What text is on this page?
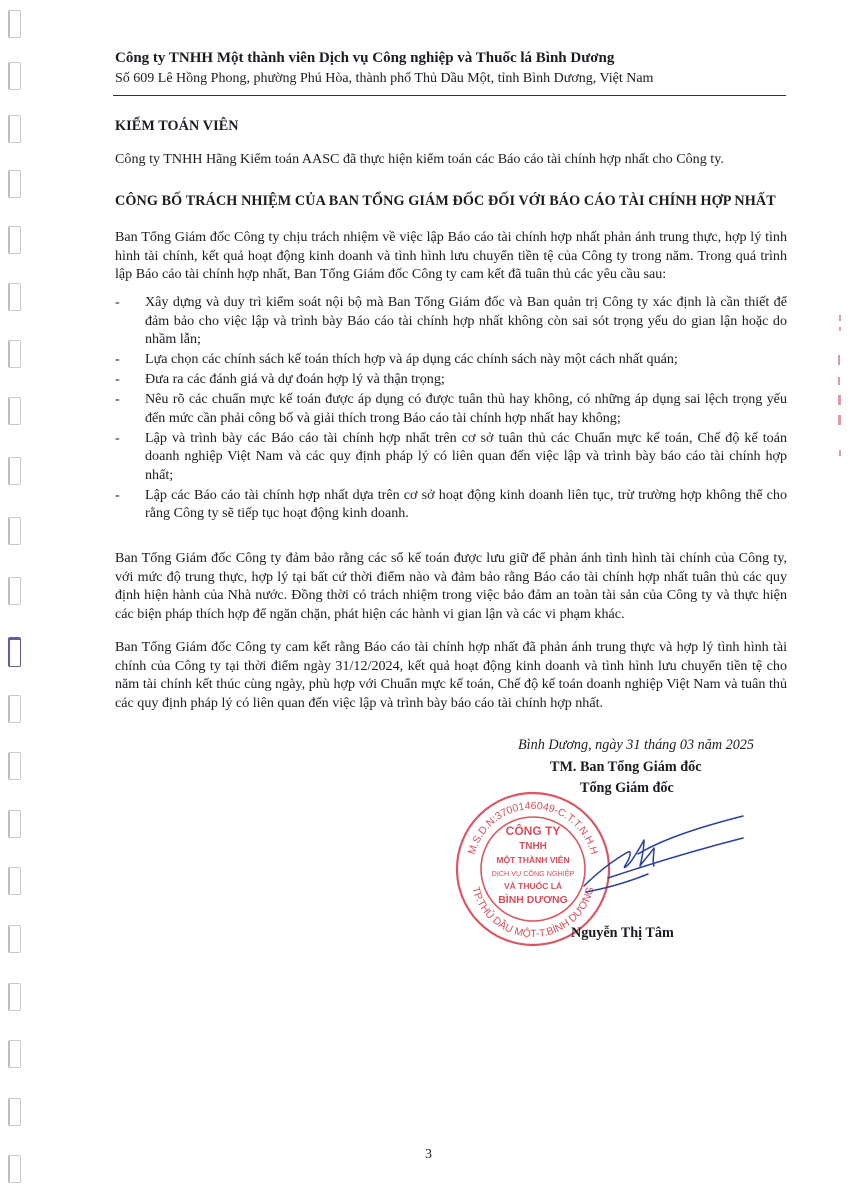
Công ty TNHH Một thành viên Dịch vụ Công nghiệp và Thuốc lá Bình Dương
Số 609 Lê Hồng Phong, phường Phú Hòa, thành phố Thủ Dầu Một, tỉnh Bình Dương, Việt Nam
KIỂM TOÁN VIÊN

Công ty TNHH Hãng Kiểm toán AASC đã thực hiện kiểm toán các Báo cáo tài chính hợp nhất cho Công ty.

CÔNG BỐ TRÁCH NHIỆM CỦA BAN TỔNG GIÁM ĐỐC ĐỐI VỚI BÁO CÁO TÀI CHÍNH HỢP NHẤT

Ban Tổng Giám đốc Công ty chịu trách nhiệm về việc lập Báo cáo tài chính hợp nhất phản ánh trung thực, hợp lý tình hình tài chính, kết quả hoạt động kinh doanh và tình hình lưu chuyển tiền tệ của Công ty trong năm. Trong quá trình lập Báo cáo tài chính hợp nhất, Ban Tổng Giám đốc Công ty cam kết đã tuân thủ các yêu cầu sau:

- Xây dựng và duy trì kiểm soát nội bộ mà Ban Tổng Giám đốc và Ban quản trị Công ty xác định là cần thiết để đảm bảo cho việc lập và trình bày Báo cáo tài chính hợp nhất không còn sai sót trọng yếu do gian lận hoặc do nhầm lẫn;
- Lựa chọn các chính sách kế toán thích hợp và áp dụng các chính sách này một cách nhất quán;
- Đưa ra các đánh giá và dự đoán hợp lý và thận trọng;
- Nêu rõ các chuẩn mực kế toán được áp dụng có được tuân thủ hay không, có những áp dụng sai lệch trọng yếu đến mức cần phải công bố và giải thích trong Báo cáo tài chính hợp nhất hay không;
- Lập và trình bày các Báo cáo tài chính hợp nhất trên cơ sở tuân thủ các Chuẩn mực kế toán, Chế độ kế toán doanh nghiệp Việt Nam và các quy định pháp lý có liên quan đến việc lập và trình bày báo cáo tài chính hợp nhất;
- Lập các Báo cáo tài chính hợp nhất dựa trên cơ sở hoạt động kinh doanh liên tục, trừ trường hợp không thể cho rằng Công ty sẽ tiếp tục hoạt động kinh doanh.

Ban Tổng Giám đốc Công ty đảm bảo rằng các sổ kế toán được lưu giữ để phản ánh tình hình tài chính của Công ty, với mức độ trung thực, hợp lý tại bất cứ thời điểm nào và đảm bảo rằng Báo cáo tài chính hợp nhất tuân thủ các quy định hiện hành của Nhà nước. Đồng thời có trách nhiệm trong việc bảo đảm an toàn tài sản của Công ty và thực hiện các biện pháp thích hợp để ngăn chặn, phát hiện các hành vi gian lận và các vi phạm khác.

Ban Tổng Giám đốc Công ty cam kết rằng Báo cáo tài chính hợp nhất đã phản ánh trung thực và hợp lý tình hình tài chính của Công ty tại thời điểm ngày 31/12/2024, kết quả hoạt động kinh doanh và tình hình lưu chuyển tiền tệ cho năm tài chính kết thúc cùng ngày, phù hợp với Chuẩn mực kế toán, Chế độ kế toán doanh nghiệp Việt Nam và tuân thủ các quy định pháp lý có liên quan đến việc lập và trình bày báo cáo tài chính hợp nhất.

Bình Dương, ngày 31 tháng 03 năm 2025
TM. Ban Tổng Giám đốc
Tổng Giám đốc
M.S.D.N:3700146049-C.T.T.N.H.H
TP.THỦ DẦU MỘT-T.BÌNH DƯƠNG
CÔNG TY
TNHH
MỘT THÀNH VIÊN
DỊCH VỤ CÔNG NGHIỆP
VÀ THUỐC LÁ
BÌNH DƯƠNG
Nguyễn Thị Tâm
3
